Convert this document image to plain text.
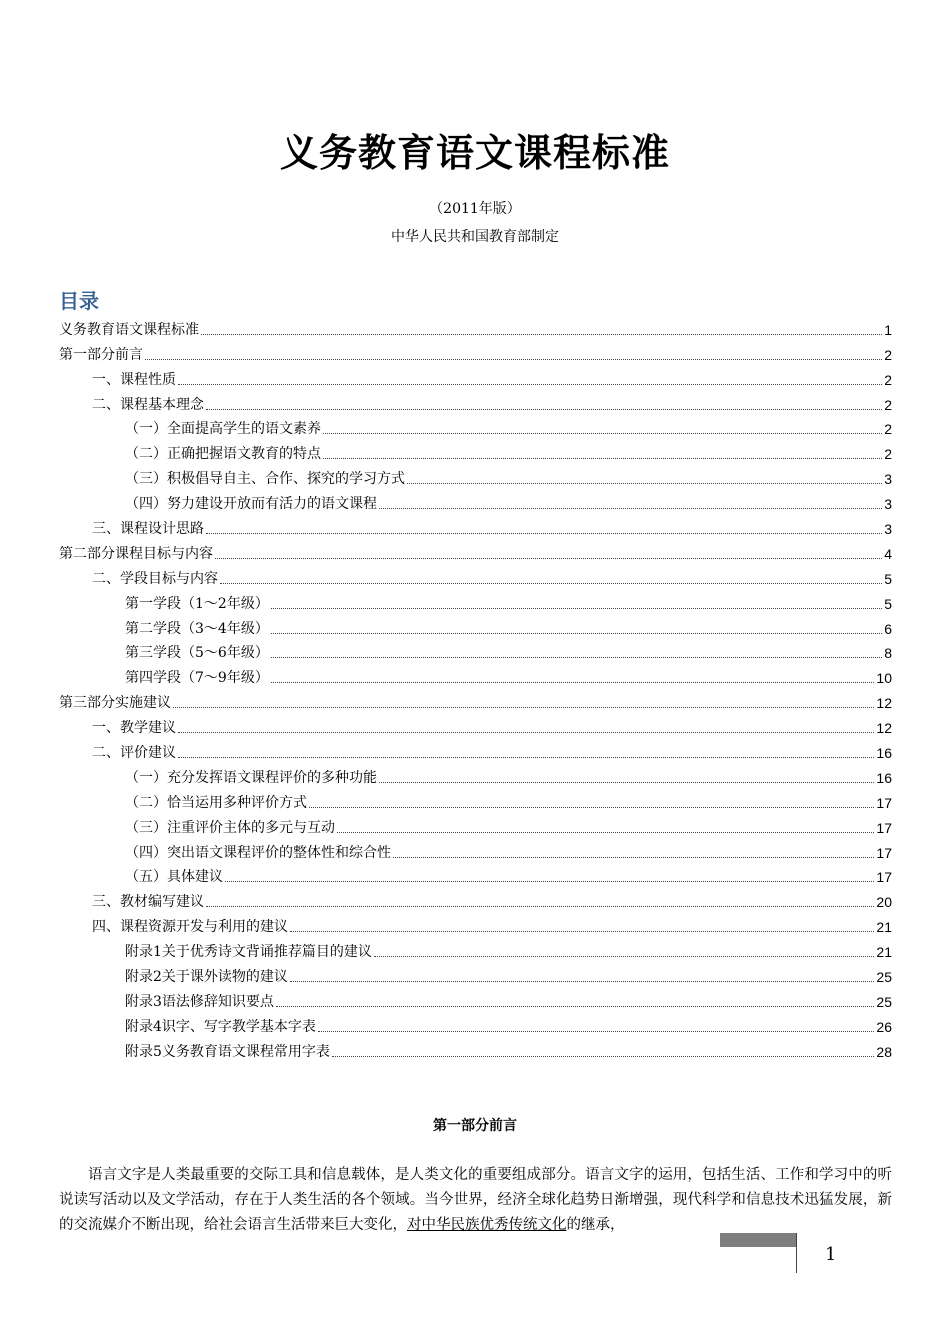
义务教育语文课程标准
（2011年版）
中华人民共和国教育部制定
目录
义务教育语文课程标准	1
第一部分前言	2
一、课程性质	2
二、课程基本理念	2
（一）全面提高学生的语文素养	2
（二）正确把握语文教育的特点	2
（三）积极倡导自主、合作、探究的学习方式	3
（四）努力建设开放而有活力的语文课程	3
三、课程设计思路	3
第二部分课程目标与内容	4
二、学段目标与内容	5
第一学段（1～2年级）	5
第二学段（3～4年级）	6
第三学段（5～6年级）	8
第四学段（7～9年级）	10
第三部分实施建议	12
一、教学建议	12
二、评价建议	16
（一）充分发挥语文课程评价的多种功能	16
（二）恰当运用多种评价方式	17
（三）注重评价主体的多元与互动	17
（四）突出语文课程评价的整体性和综合性	17
（五）具体建议	17
三、教材编写建议	20
四、课程资源开发与利用的建议	21
附录1关于优秀诗文背诵推荐篇目的建议	21
附录2关于课外读物的建议	25
附录3语法修辞知识要点	25
附录4识字、写字教学基本字表	26
附录5义务教育语文课程常用字表	28
第一部分前言
语言文字是人类最重要的交际工具和信息载体，是人类文化的重要组成部分。语言文字的运用，包括生活、工作和学习中的听说读写活动以及文学活动，存在于人类生活的各个领域。当今世界，经济全球化趋势日渐增强，现代科学和信息技术迅猛发展，新的交流媒介不断出现，给社会语言生活带来巨大变化，对中华民族优秀传统文化的继承，
1
